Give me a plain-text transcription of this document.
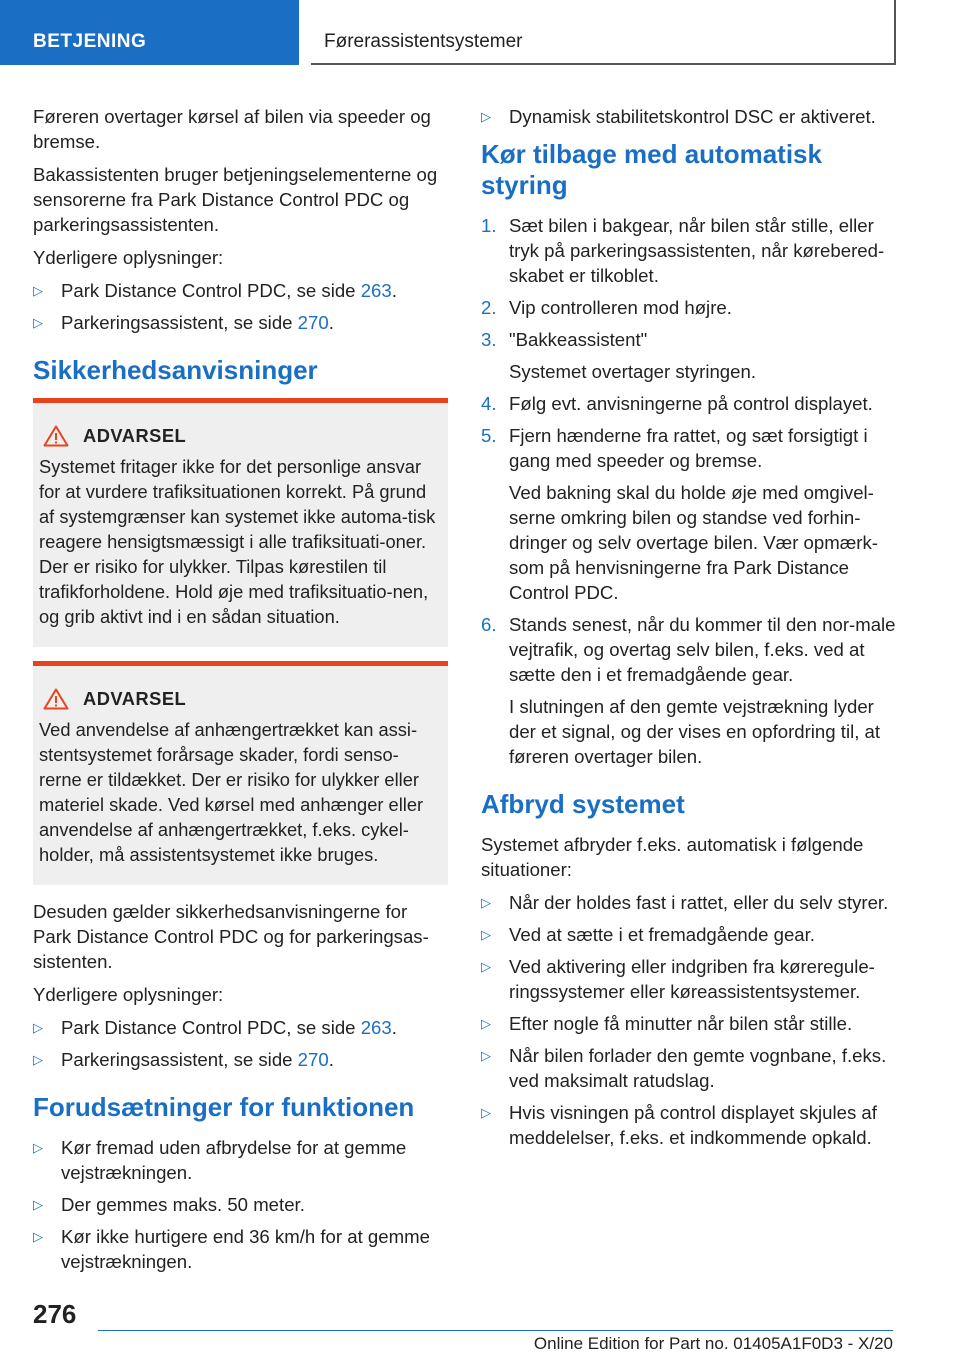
BETJENING	Førerassistentsystemer

Føreren overtager kørsel af bilen via speeder og bremse.

Bakassistenten bruger betjeningselementerne og sensorerne fra Park Distance Control PDC og parkeringsassistenten.

Yderligere oplysninger:

▷ Park Distance Control PDC, se side 263.
▷ Parkeringsassistent, se side 270.
Sikkerhedsanvisninger
ADVARSEL
Systemet fritager ikke for det personlige ansvar for at vurdere trafiksituationen korrekt. På grund af systemgrænser kan systemet ikke automa-tisk reagere hensigtsmæssigt i alle trafiksituati-oner. Der er risiko for ulykker. Tilpas kørestilen til trafikforholdene. Hold øje med trafiksituatio-nen, og grib aktivt ind i en sådan situation.
ADVARSEL
Ved anvendelse af anhængertrækket kan assi-stentsystemet forårsage skader, fordi senso-rerne er tildækket. Der er risiko for ulykker eller materiel skade. Ved kørsel med anhænger eller anvendelse af anhængertrækket, f.eks. cykel-holder, må assistentsystemet ikke bruges.

Desuden gælder sikkerhedsanvisningerne for Park Distance Control PDC og for parkeringsas-sistenten.

Yderligere oplysninger:

▷ Park Distance Control PDC, se side 263.
▷ Parkeringsassistent, se side 270.
Forudsætninger for funktionen
▷ Kør fremad uden afbrydelse for at gemme vejstrækningen.
▷ Der gemmes maks. 50 meter.
▷ Kør ikke hurtigere end 36 km/h for at gemme vejstrækningen.
▷ Dynamisk stabilitetskontrol DSC er aktiveret.
Kør tilbage med automatisk styring
1. Sæt bilen i bakgear, når bilen står stille, eller tryk på parkeringsassistenten, når kørebered-skabet er tilkoblet.
2. Vip controlleren mod højre.
3. "Bakkeassistent"
Systemet overtager styringen.
4. Følg evt. anvisningerne på control displayet.
5. Fjern hænderne fra rattet, og sæt forsigtigt i gang med speeder og bremse.
Ved bakning skal du holde øje med omgivel-serne omkring bilen og standse ved forhin-dringer og selv overtage bilen. Vær opmærk-som på henvisningerne fra Park Distance Control PDC.
6. Stands senest, når du kommer til den nor-male vejtrafik, og overtag selv bilen, f.eks. ved at sætte den i et fremadgående gear.
I slutningen af den gemte vejstrækning lyder der et signal, og der vises en opfordring til, at føreren overtager bilen.
Afbryd systemet

Systemet afbryder f.eks. automatisk i følgende situationer:

▷ Når der holdes fast i rattet, eller du selv styrer.
▷ Ved at sætte i et fremadgående gear.
▷ Ved aktivering eller indgriben fra køreregule-ringssystemer eller køreassistentsystemer.
▷ Efter nogle få minutter når bilen står stille.
▷ Når bilen forlader den gemte vognbane, f.eks. ved maksimalt ratudslag.
▷ Hvis visningen på control displayet skjules af meddelelser, f.eks. et indkommende opkald.
276
Online Edition for Part no. 01405A1F0D3 - X/20
